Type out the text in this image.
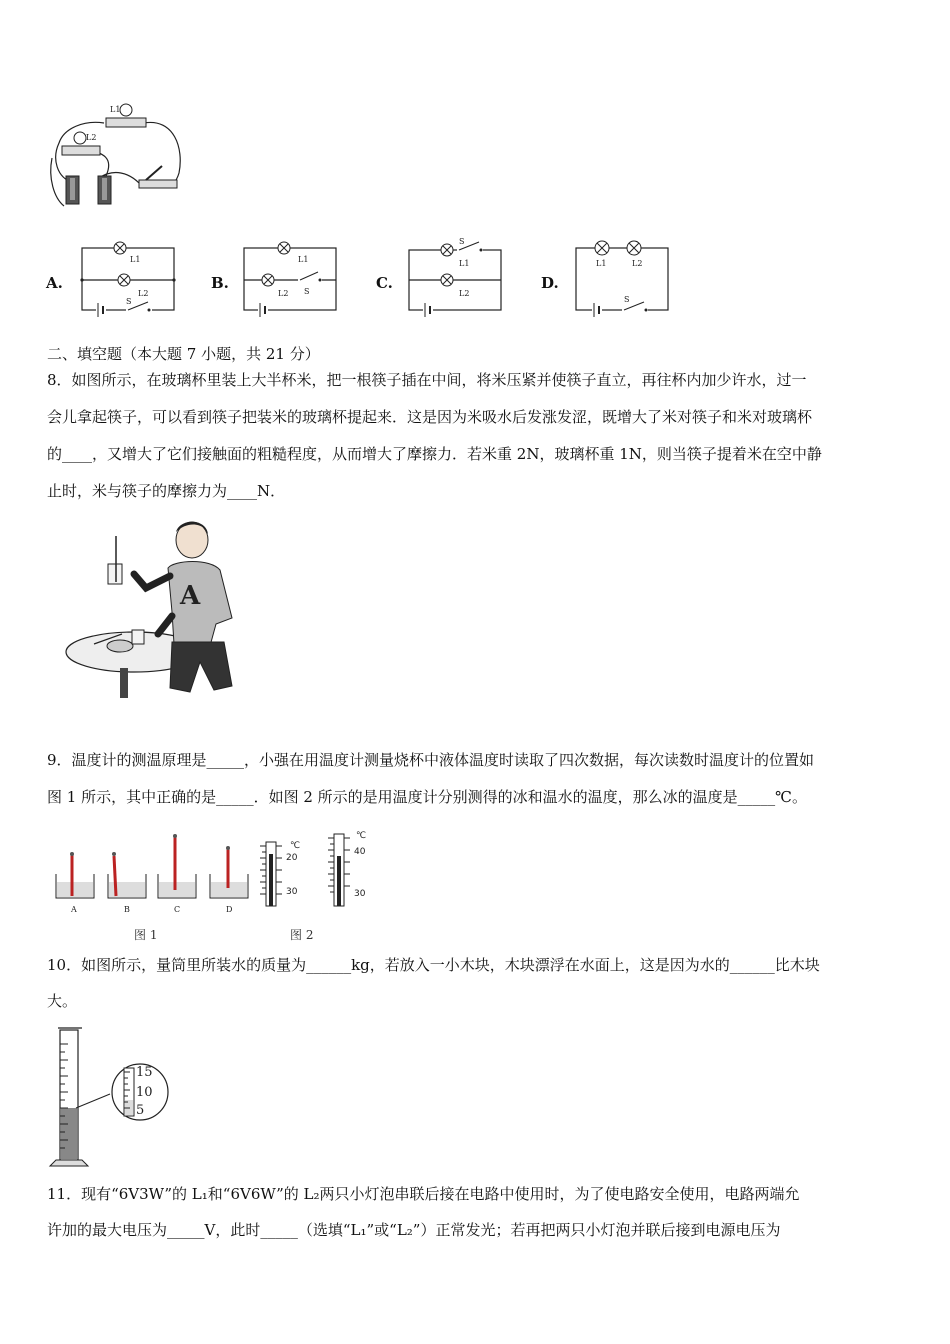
L1
L2
A.
L1
L2
S
B.
L1
L2 S	C.
S
L1
L2
D.
L1	L2
S
二、填空题（本大题 7 小题，共 21 分）
8．如图所示，在玻璃杯里装上大半杯米，把一根筷子插在中间，将米压紧并使筷子直立，再往杯内加少许水，过一
会儿拿起筷子，可以看到筷子把装米的玻璃杯提起来．这是因为米吸水后发涨发涩，既增大了米对筷子和米对玻璃杯
的____，又增大了它们接触面的粗糙程度，从而增大了摩擦力．若米重 2N，玻璃杯重 1N，则当筷子提着米在空中静
止时，米与筷子的摩擦力为____N．
A
9．温度计的测温原理是_____，小强在用温度计测量烧杯中液体温度时读取了四次数据，每次读数时温度计的位置如
图 1 所示，其中正确的是_____．如图 2 所示的是用温度计分别测得的冰和温水的温度，那么冰的温度是_____℃。
A	B	C	D
℃
20
30
℃
40
30
图 1	图 2
10．如图所示，量筒里所装水的质量为______kg，若放入一小木块，木块漂浮在水面上，这是因为水的______比木块
大。
15
10
5
11．现有“6V3W”的 L₁和“6V6W”的 L₂两只小灯泡串联后接在电路中使用时，为了使电路安全使用，电路两端允
许加的最大电压为_____V，此时_____（选填“L₁”或“L₂”）正常发光；若再把两只小灯泡并联后接到电源电压为
